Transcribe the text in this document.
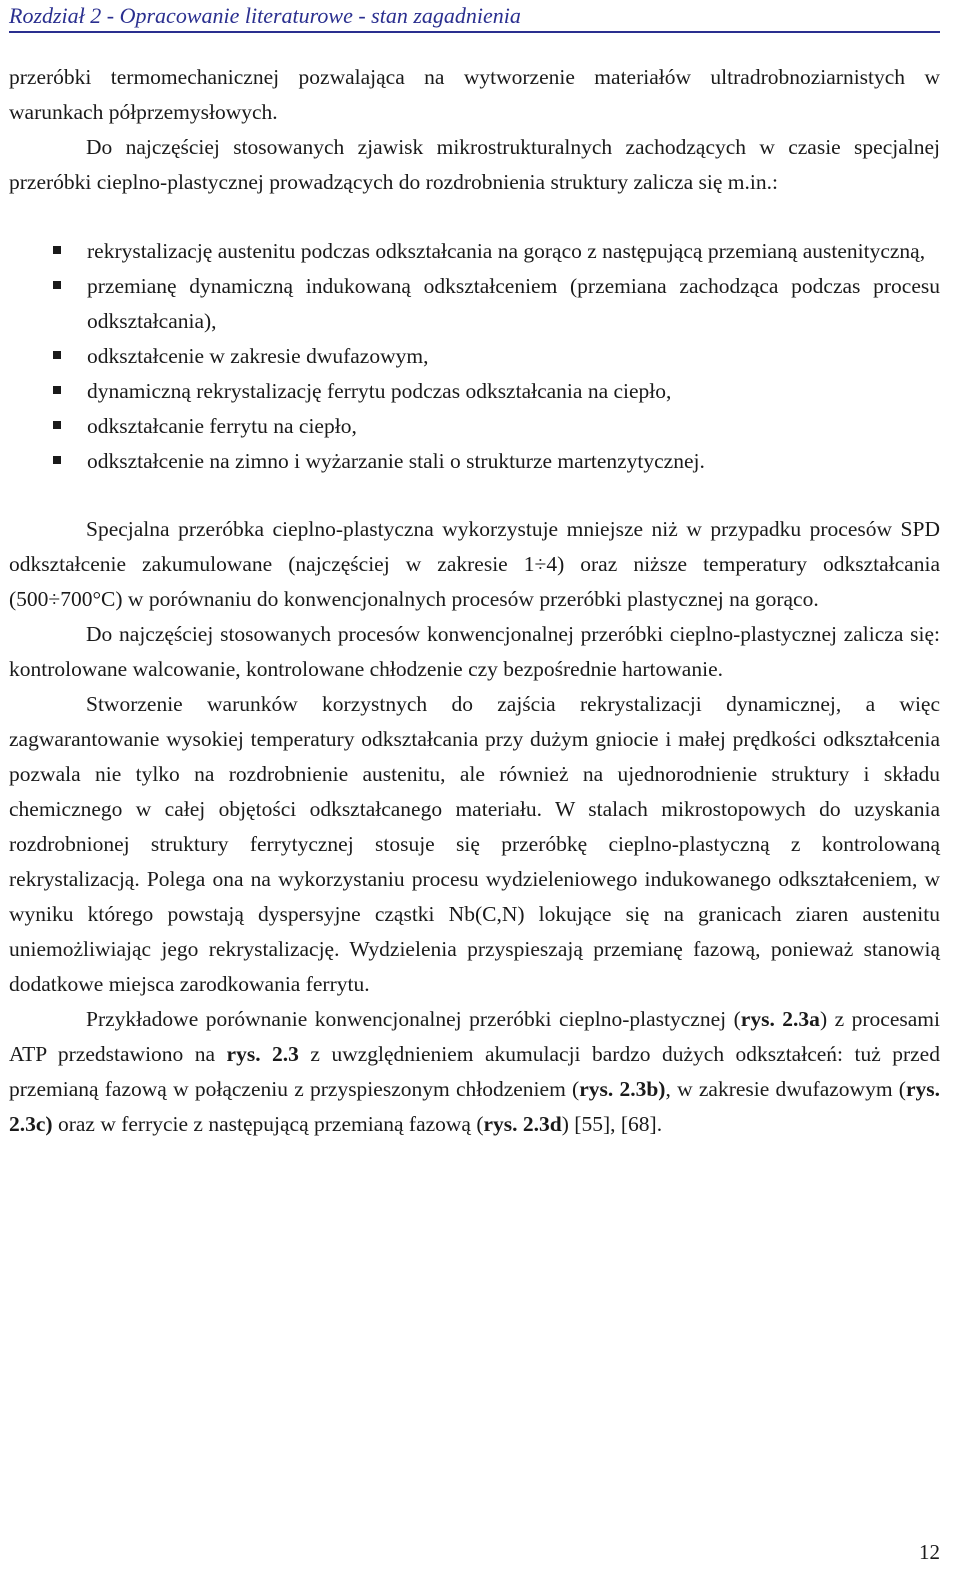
Rozdział 2 - Opracowanie literaturowe - stan zagadnienia

przeróbki termomechanicznej pozwalająca na wytworzenie materiałów ultradrobnoziarnistych w warunkach półprzemysłowych.

Do najczęściej stosowanych zjawisk mikrostrukturalnych zachodzących w czasie specjalnej przeróbki cieplno-plastycznej prowadzących do rozdrobnienia struktury zalicza się m.in.:

rekrystalizację austenitu podczas odkształcania na gorąco z następującą przemianą austenityczną,
przemianę dynamiczną indukowaną odkształceniem (przemiana zachodząca podczas procesu odkształcania),
odkształcenie w zakresie dwufazowym,
dynamiczną rekrystalizację ferrytu podczas odkształcania na ciepło,
odkształcanie ferrytu na ciepło,
odkształcenie na zimno i wyżarzanie stali o strukturze martenzytycznej.

Specjalna przeróbka cieplno-plastyczna wykorzystuje mniejsze niż w przypadku procesów SPD odkształcenie zakumulowane (najczęściej w zakresie 1÷4) oraz niższe temperatury odkształcania (500÷700°C) w porównaniu do konwencjonalnych procesów przeróbki plastycznej na gorąco.

Do najczęściej stosowanych procesów konwencjonalnej przeróbki cieplno-plastycznej zalicza się: kontrolowane walcowanie, kontrolowane chłodzenie czy bezpośrednie hartowanie.

Stworzenie warunków korzystnych do zajścia rekrystalizacji dynamicznej, a więc zagwarantowanie wysokiej temperatury odkształcania przy dużym gniocie i małej prędkości odkształcenia pozwala nie tylko na rozdrobnienie austenitu, ale również na ujednorodnienie struktury i składu chemicznego w całej objętości odkształcanego materiału. W stalach mikrostopowych do uzyskania rozdrobnionej struktury ferrytycznej stosuje się przeróbkę cieplno-plastyczną z kontrolowaną rekrystalizacją. Polega ona na wykorzystaniu procesu wydzieleniowego indukowanego odkształceniem, w wyniku którego powstają dyspersyjne cząstki Nb(C,N) lokujące się na granicach ziaren austenitu uniemożliwiając jego rekrystalizację. Wydzielenia przyspieszają przemianę fazową, ponieważ stanowią dodatkowe miejsca zarodkowania ferrytu.

Przykładowe porównanie konwencjonalnej przeróbki cieplno-plastycznej (rys. 2.3a) z procesami ATP przedstawiono na rys. 2.3 z uwzględnieniem akumulacji bardzo dużych odkształceń: tuż przed przemianą fazową w połączeniu z przyspieszonym chłodzeniem (rys. 2.3b), w zakresie dwufazowym (rys. 2.3c) oraz w ferrycie z następującą przemianą fazową (rys. 2.3d) [55], [68].

12
